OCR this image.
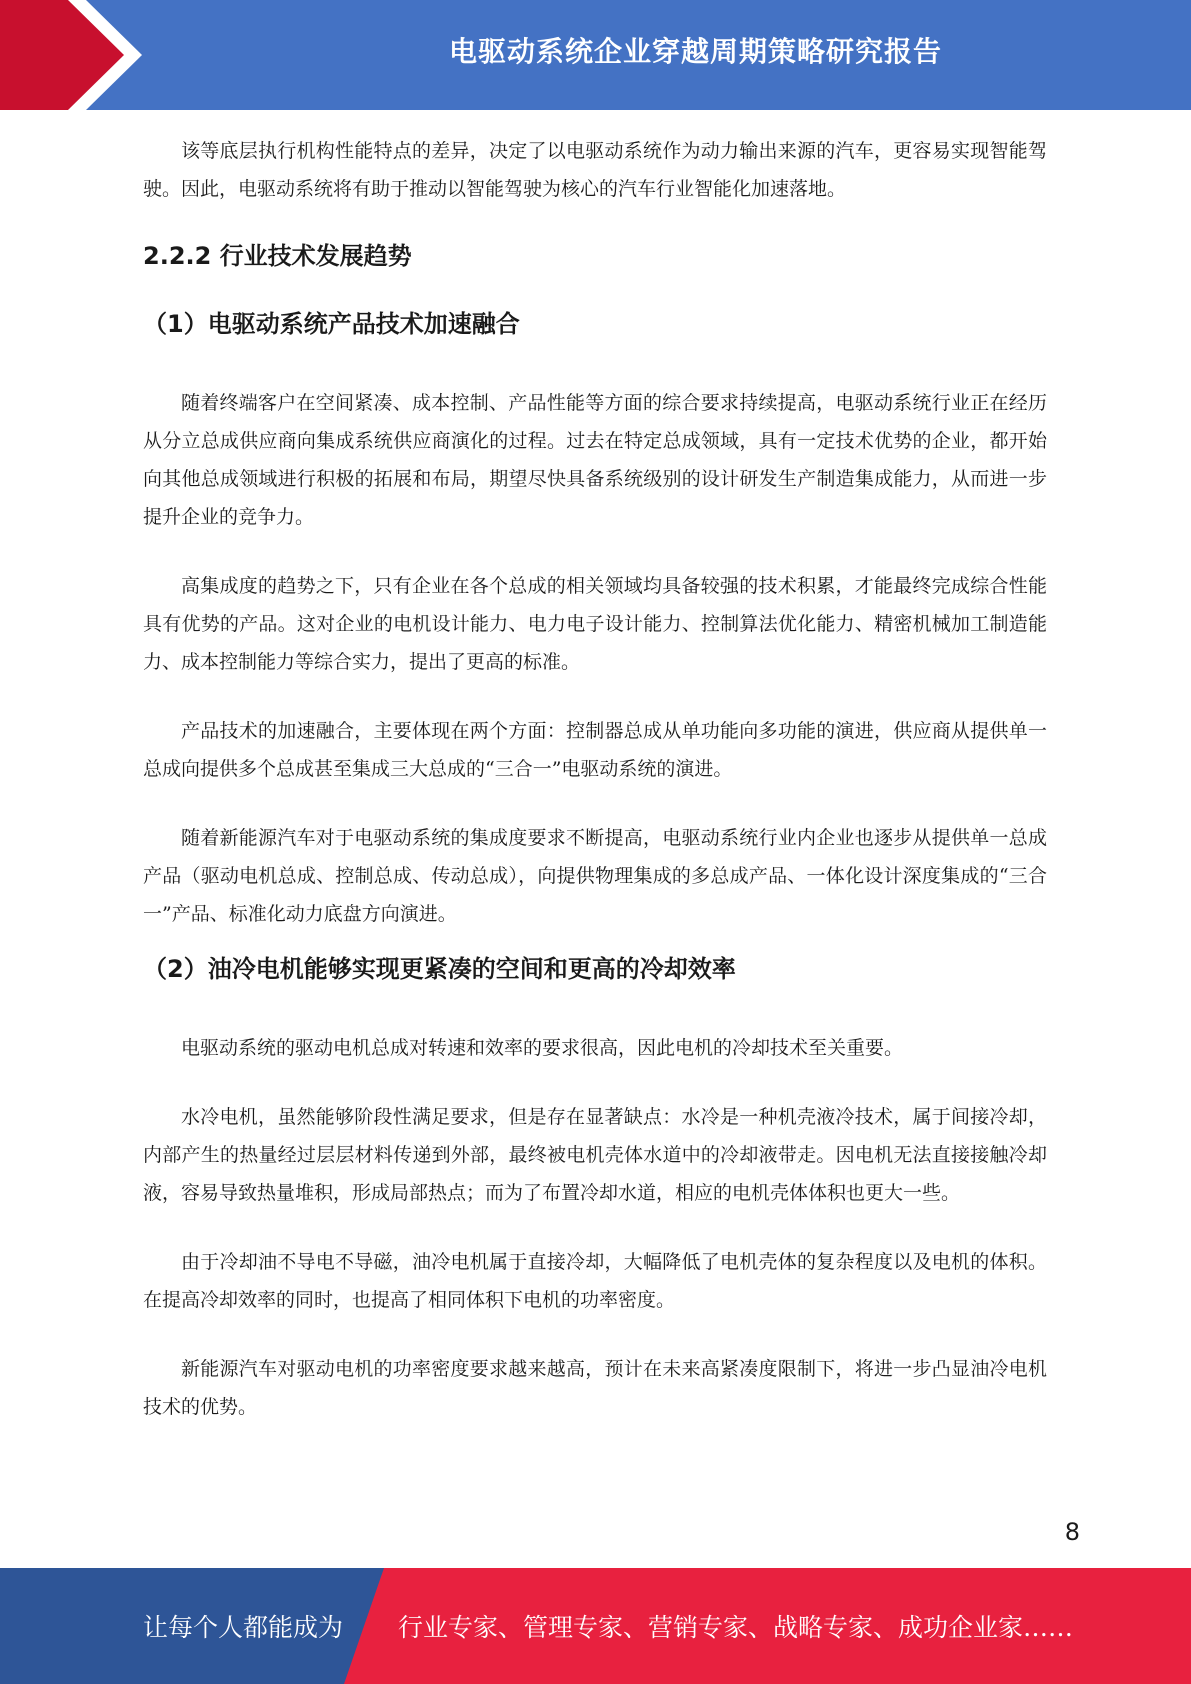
电驱动系统企业穿越周期策略研究报告

该等底层执行机构性能特点的差异，决定了以电驱动系统作为动力输出来源的汽车，更容易实现智能驾驶。因此，电驱动系统将有助于推动以智能驾驶为核心的汽车行业智能化加速落地。

2.2.2 行业技术发展趋势
（1）电驱动系统产品技术加速融合

随着终端客户在空间紧凑、成本控制、产品性能等方面的综合要求持续提高，电驱动系统行业正在经历从分立总成供应商向集成系统供应商演化的过程。过去在特定总成领域，具有一定技术优势的企业，都开始向其他总成领域进行积极的拓展和布局，期望尽快具备系统级别的设计研发生产制造集成能力，从而进一步提升企业的竞争力。

高集成度的趋势之下，只有企业在各个总成的相关领域均具备较强的技术积累，才能最终完成综合性能具有优势的产品。这对企业的电机设计能力、电力电子设计能力、控制算法优化能力、精密机械加工制造能力、成本控制能力等综合实力，提出了更高的标准。

产品技术的加速融合，主要体现在两个方面：控制器总成从单功能向多功能的演进，供应商从提供单一总成向提供多个总成甚至集成三大总成的“三合一”电驱动系统的演进。

随着新能源汽车对于电驱动系统的集成度要求不断提高，电驱动系统行业内企业也逐步从提供单一总成产品（驱动电机总成、控制总成、传动总成），向提供物理集成的多总成产品、一体化设计深度集成的“三合一”产品、标准化动力底盘方向演进。

（2）油冷电机能够实现更紧凑的空间和更高的冷却效率

电驱动系统的驱动电机总成对转速和效率的要求很高，因此电机的冷却技术至关重要。

水冷电机，虽然能够阶段性满足要求，但是存在显著缺点：水冷是一种机壳液冷技术，属于间接冷却，内部产生的热量经过层层材料传递到外部，最终被电机壳体水道中的冷却液带走。因电机无法直接接触冷却液，容易导致热量堆积，形成局部热点；而为了布置冷却水道，相应的电机壳体体积也更大一些。

由于冷却油不导电不导磁，油冷电机属于直接冷却，大幅降低了电机壳体的复杂程度以及电机的体积。在提高冷却效率的同时，也提高了相同体积下电机的功率密度。

新能源汽车对驱动电机的功率密度要求越来越高，预计在未来高紧凑度限制下，将进一步凸显油冷电机技术的优势。

8
让每个人都能成为 行业专家、管理专家、营销专家、战略专家、成功企业家……
